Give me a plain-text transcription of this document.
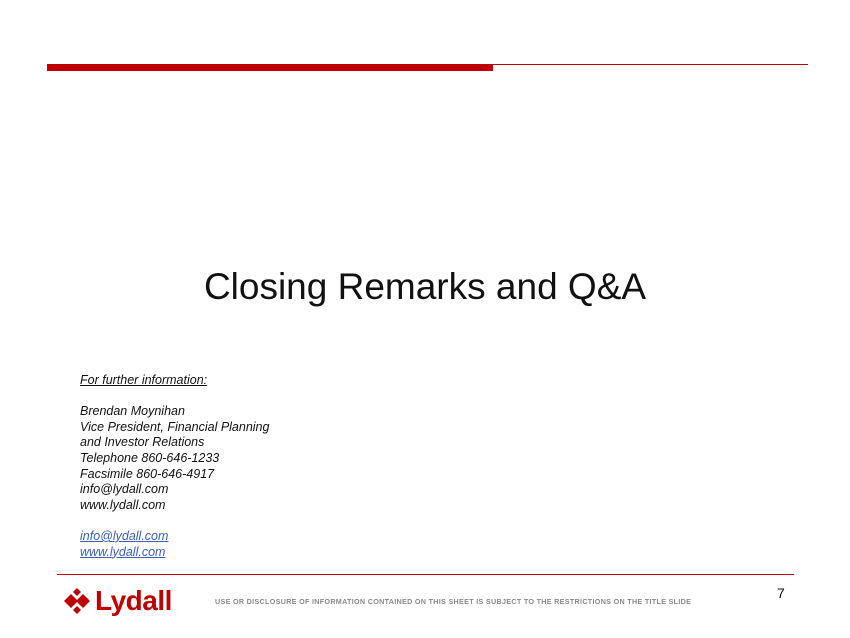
Closing Remarks and Q&A
For further information:
Brendan Moynihan
Vice President, Financial Planning
and Investor Relations
Telephone 860-646-1233
Facsimile 860-646-4917
info@lydall.com
www.lydall.com
info@lydall.com
www.lydall.com
Lydall	USE OR DISCLOSURE OF INFORMATION CONTAINED ON THIS SHEET IS SUBJECT TO THE RESTRICTIONS ON THE TITLE SLIDE
7
